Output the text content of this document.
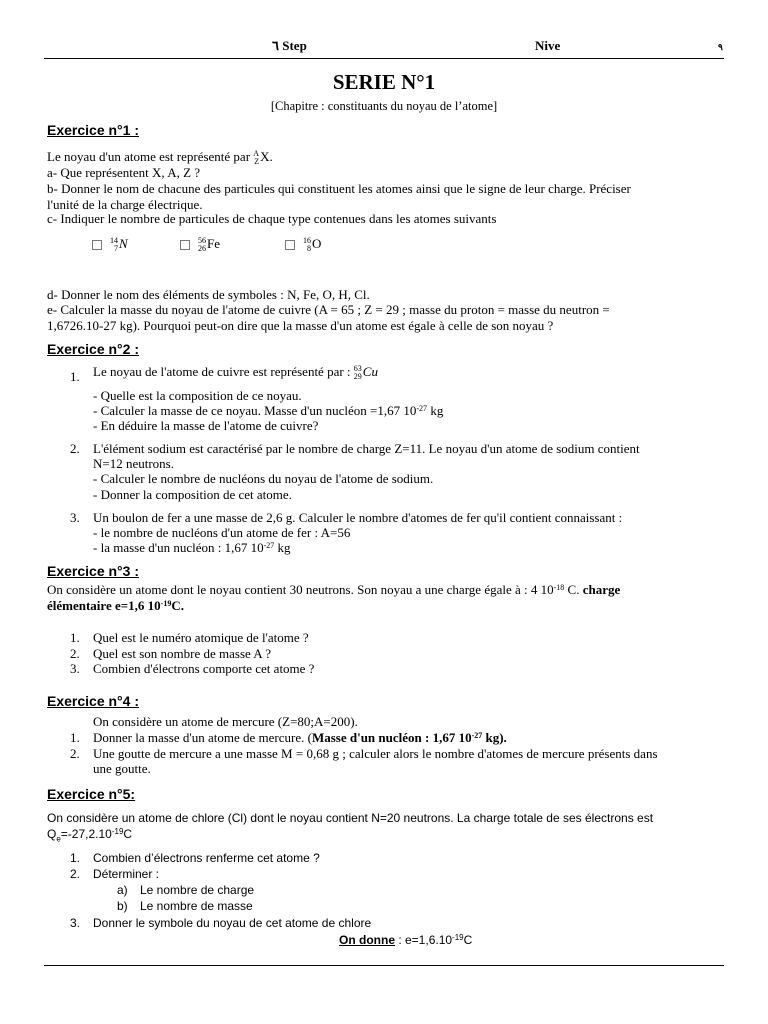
٦ Step	Nive	٩
SERIE N°1
[Chapitre : constituants du noyau de l’atome]
Exercice n°1 :
Le noyau d'un atome est représenté par A
ZX.
a- Que représentent X, A, Z ?
b- Donner le nom de chacune des particules qui constituent les atomes ainsi que le signe de leur charge. Préciser
l'unité de la charge électrique.
c- Indiquer le nombre de particules de chaque type contenues dans les atomes suivants
14
7N	56
26Fe	16
8O
d- Donner le nom des éléments de symboles : N, Fe, O, H, Cl.
e- Calculer la masse du noyau de l'atome de cuivre (A = 65 ; Z = 29 ; masse du proton = masse du neutron =
1,6726.10-27 kg). Pourquoi peut-on dire que la masse d'un atome est égale à celle de son noyau ?
Exercice n°2 :
1. Le noyau de l'atome de cuivre est représenté par : 63
29Cu
- Quelle est la composition de ce noyau.
- Calculer la masse de ce noyau. Masse d'un nucléon =1,67 $10^{-27}$ kg
- En déduire la masse de l'atome de cuivre?
2. L'élément sodium est caractérisé par le nombre de charge Z=11. Le noyau d'un atome de sodium contient
N=12 neutrons.
- Calculer le nombre de nucléons du noyau de l'atome de sodium.
- Donner la composition de cet atome.
3. Un boulon de fer a une masse de 2,6 g. Calculer le nombre d'atomes de fer qu'il contient connaissant :
- le nombre de nucléons d'un atome de fer : A=56
- la masse d'un nucléon : 1,67 $10^{-27}$ kg
Exercice n°3 :
On considère un atome dont le noyau contient 30 neutrons. Son noyau a une charge égale à : 4 $10^{-18}$ C. charge
élémentaire e=1,6 $10^{-19}C$.
1. Quel est le numéro atomique de l'atome ?
2. Quel est son nombre de masse A ?
3. Combien d'électrons comporte cet atome ?
Exercice n°4 :
On considère un atome de mercure (Z=80;A=200).
1. Donner la masse d'un atome de mercure. (Masse d'un nucléon : 1,67 $10^{-27}$ kg).
2. Une goutte de mercure a une masse M = 0,68 g ; calculer alors le nombre d'atomes de mercure présents dans
une goutte.
Exercice n°5:
On considère un atome de chlore (Cl) dont le noyau contient N=20 neutrons. La charge totale de ses électrons est
$Q_e=-27,2.10^{-19}C$
1. Combien d’électrons renferme cet atome ?
2. Déterminer :
a) Le nombre de charge
b) Le nombre de masse
3. Donner le symbole du noyau de cet atome de chlore
On donne : $e=1,6.10^{-19}C$
